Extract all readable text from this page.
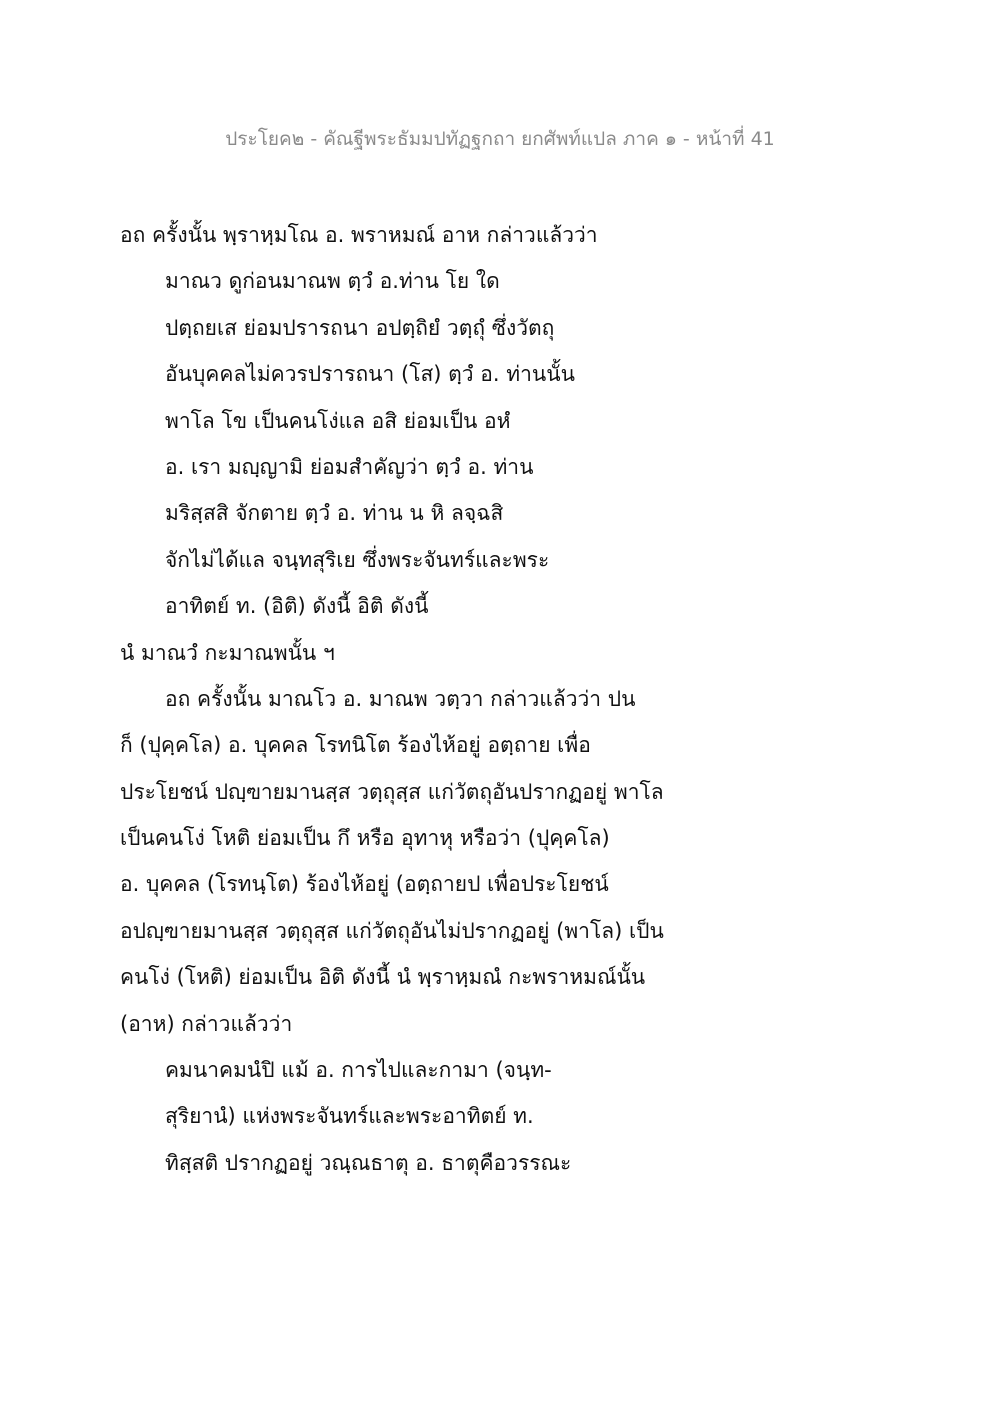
ประโยค๒ - คัณฐีพระธัมมปทัฏฐกถา ยกศัพท์แปล ภาค ๑ - หน้าที่ 41
อถ ครั้งนั้น พฺราหฺมโณ อ. พราหมณ์ อาห กล่าวแล้วว่า
มาณว ดูก่อนมาณพ ตฺวํ อ.ท่าน โย ใด
ปตฺถยเส ย่อมปรารถนา อปตฺถิยํ วตฺถุํ ซึ่งวัตถุ
อันบุคคลไม่ควรปรารถนา (โส) ตฺวํ อ. ท่านนั้น
พาโล โข เป็นคนโง่แล อสิ ย่อมเป็น อหํ
อ. เรา มญฺญามิ ย่อมสำคัญว่า ตฺวํ อ. ท่าน
มริสฺสสิ จักตาย ตฺวํ อ. ท่าน น หิ ลจฺฉสิ
จักไม่ได้แล จนฺทสุริเย ซึ่งพระจันทร์และพระ
อาทิตย์ ท. (อิติ) ดังนี้ อิติ ดังนี้
นํ มาณวํ กะมาณพนั้น ฯ
อถ ครั้งนั้น มาณโว อ. มาณพ วตฺวา กล่าวแล้วว่า ปน
ก็ (ปุคฺคโล) อ. บุคคล โรทนิโต ร้องไห้อยู่ อตฺถาย เพื่อ
ประโยชน์ ปญฺฃายมานสฺส วตฺถุสฺส แก่วัตถุอันปรากฏอยู่ พาโล
เป็นคนโง่ โหติ ย่อมเป็น กึ หรือ อุทาหุ หรือว่า (ปุคฺคโล)
อ. บุคคล (โรทนฺโต) ร้องไห้อยู่ (อตฺถายป เพื่อประโยชน์
อปญฺฃายมานสฺส วตฺถุสฺส แก่วัตถุอันไม่ปรากฏอยู่ (พาโล) เป็น
คนโง่ (โหติ) ย่อมเป็น อิติ ดังนี้ นํ พฺราหฺมณํ กะพราหมณ์นั้น
(อาห) กล่าวแล้วว่า
คมนาคมนํปิ แม้ อ. การไปและกามา (จนฺท-
สุริยานํ) แห่งพระจันทร์และพระอาทิตย์ ท.
ทิสฺสติ ปรากฏอยู่ วณฺณธาตุ อ. ธาตุคือวรรณะ
